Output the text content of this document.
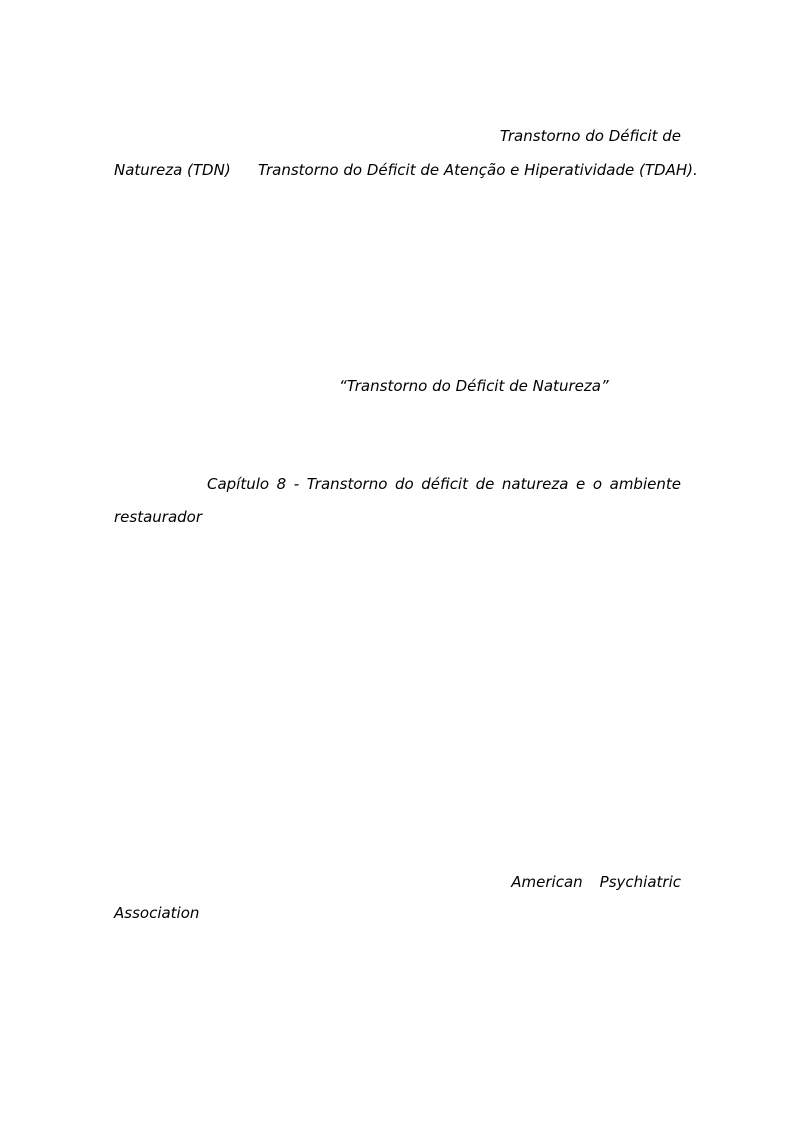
Transtorno do Déficit de
Natureza (TDN) Transtorno do Déficit de Atenção e Hiperatividade (TDAH).
“Transtorno do Déficit de Natureza”
Capítulo 8 - Transtorno do déficit de natureza e o ambiente
restaurador
American Psychiatric
Association
